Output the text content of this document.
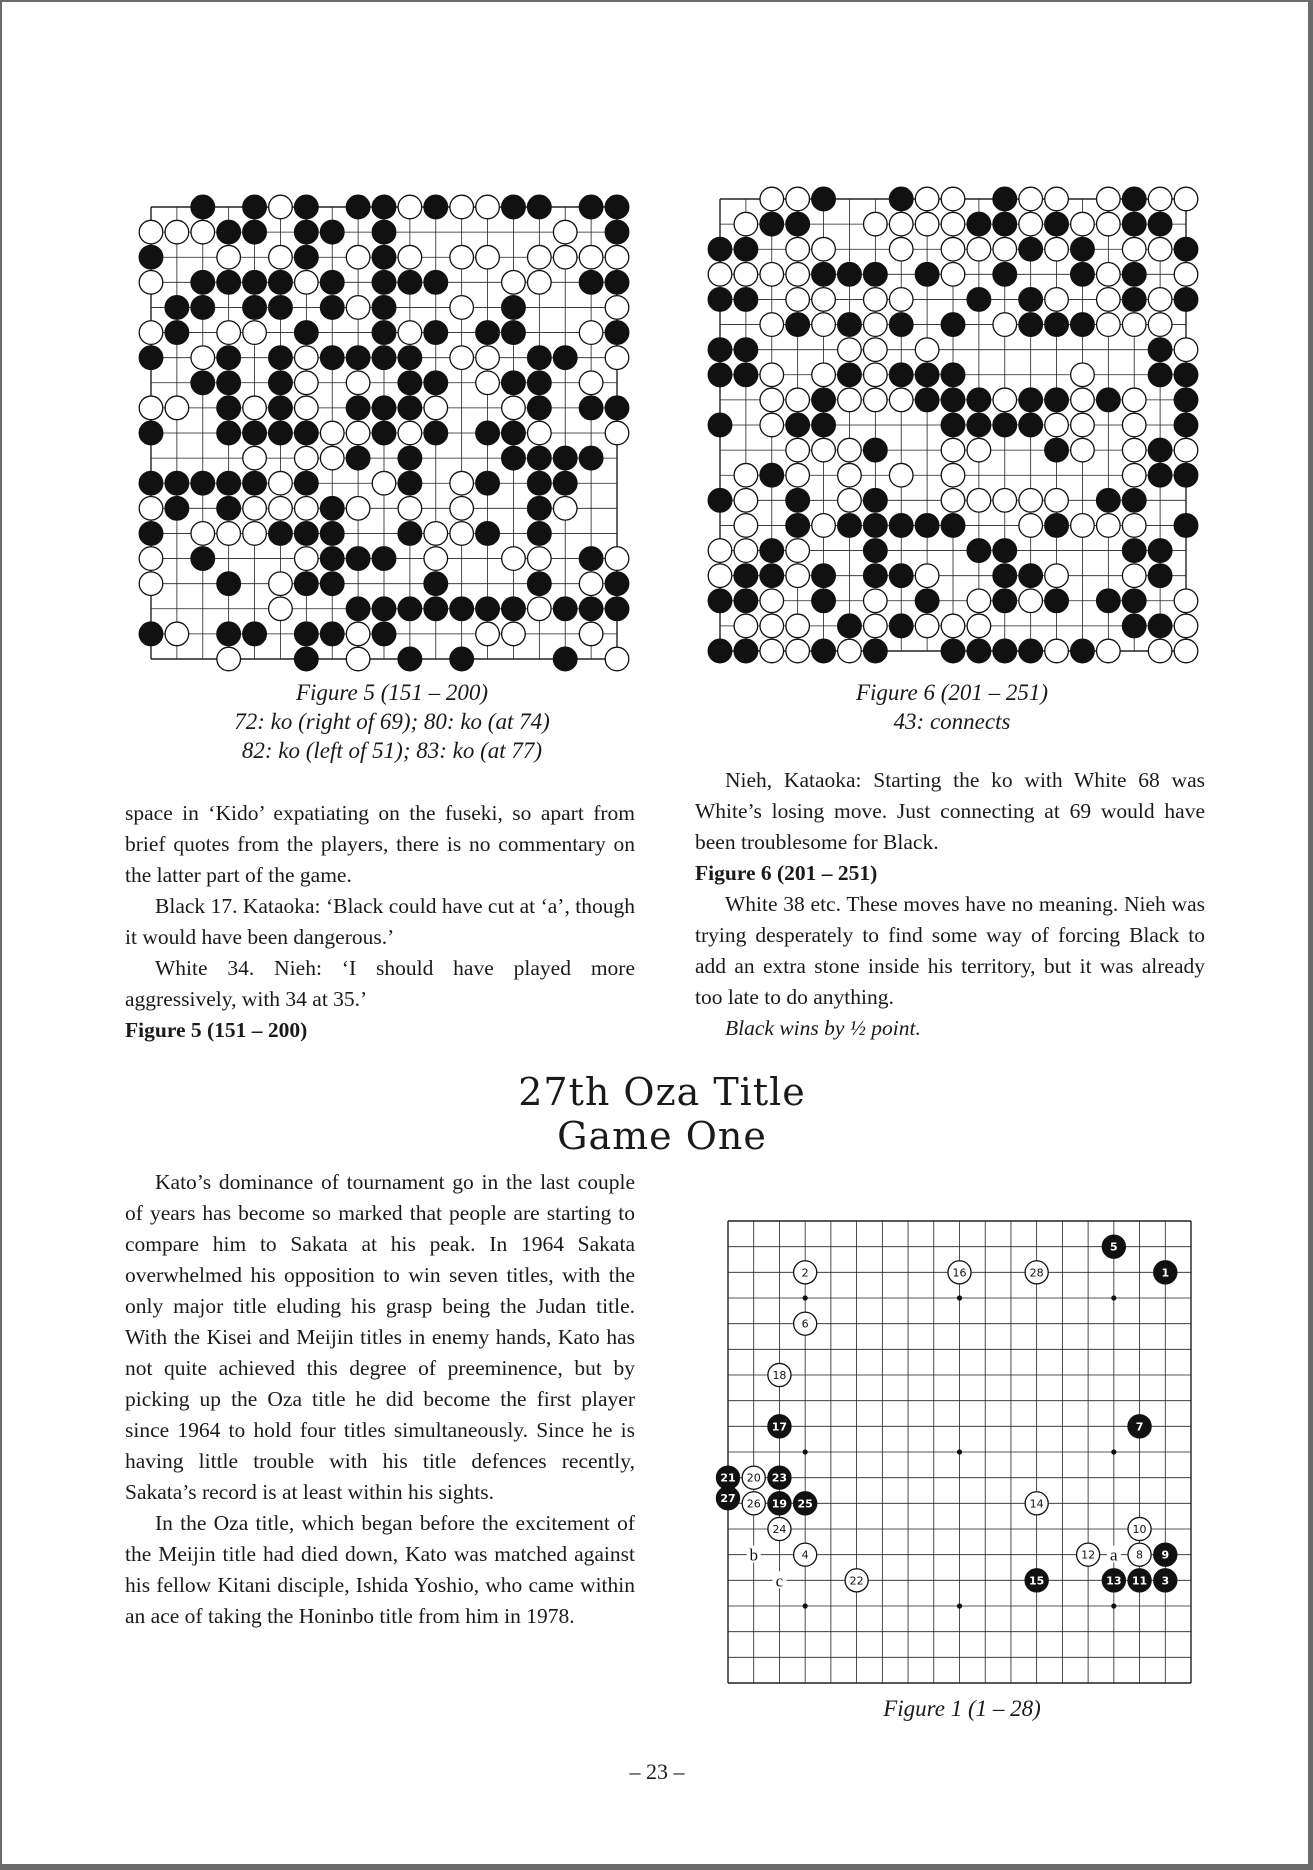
Figure 5 (151 – 200)
72: ko (right of 69); 80: ko (at 74)
82: ko (left of 51); 83: ko (at 77)
Figure 6 (201 – 251)
43: connects

space in ‘Kido’ expatiating on the fuseki, so apart from brief quotes from the players, there is no commentary on the latter part of the game.

Black 17. Kataoka: ‘Black could have cut at ‘a’, though it would have been dangerous.’

White 34. Nieh: ‘I should have played more aggressively, with 34 at 35.’

Figure 5 (151 – 200)

Nieh, Kataoka: Starting the ko with White 68 was White’s losing move. Just connecting at 69 would have been troublesome for Black.

Figure 6 (201 – 251)

White 38 etc. These moves have no meaning. Nieh was trying desperately to find some way of forcing Black to add an extra stone inside his territory, but it was already too late to do anything.

Black wins by ½ point.

27th Oza Title
Game One

Kato’s dominance of tournament go in the last couple of years has become so marked that people are starting to compare him to Sakata at his peak. In 1964 Sakata overwhelmed his opposition to win seven titles, with the only major title eluding his grasp being the Judan title. With the Kisei and Meijin titles in enemy hands, Kato has not quite achieved this degree of preeminence, but by picking up the Oza title he did become the first player since 1964 to hold four titles simultaneously. Since he is having little trouble with his title defences recently, Sakata’s record is at least within his sights.

In the Oza title, which began before the excitement of the Meijin title had died down, Kato was matched against his fellow Kitani disciple, Ishida Yoshio, who came within an ace of taking the Honinbo title from him in 1978.

1
3
5
7
9
11
13
15
17
19
21	23
25
27
2
4
6
8
10
12
14
16
18
20
22
24
26
28
a
b
c
Figure 1 (1 – 28)
– 23 –
